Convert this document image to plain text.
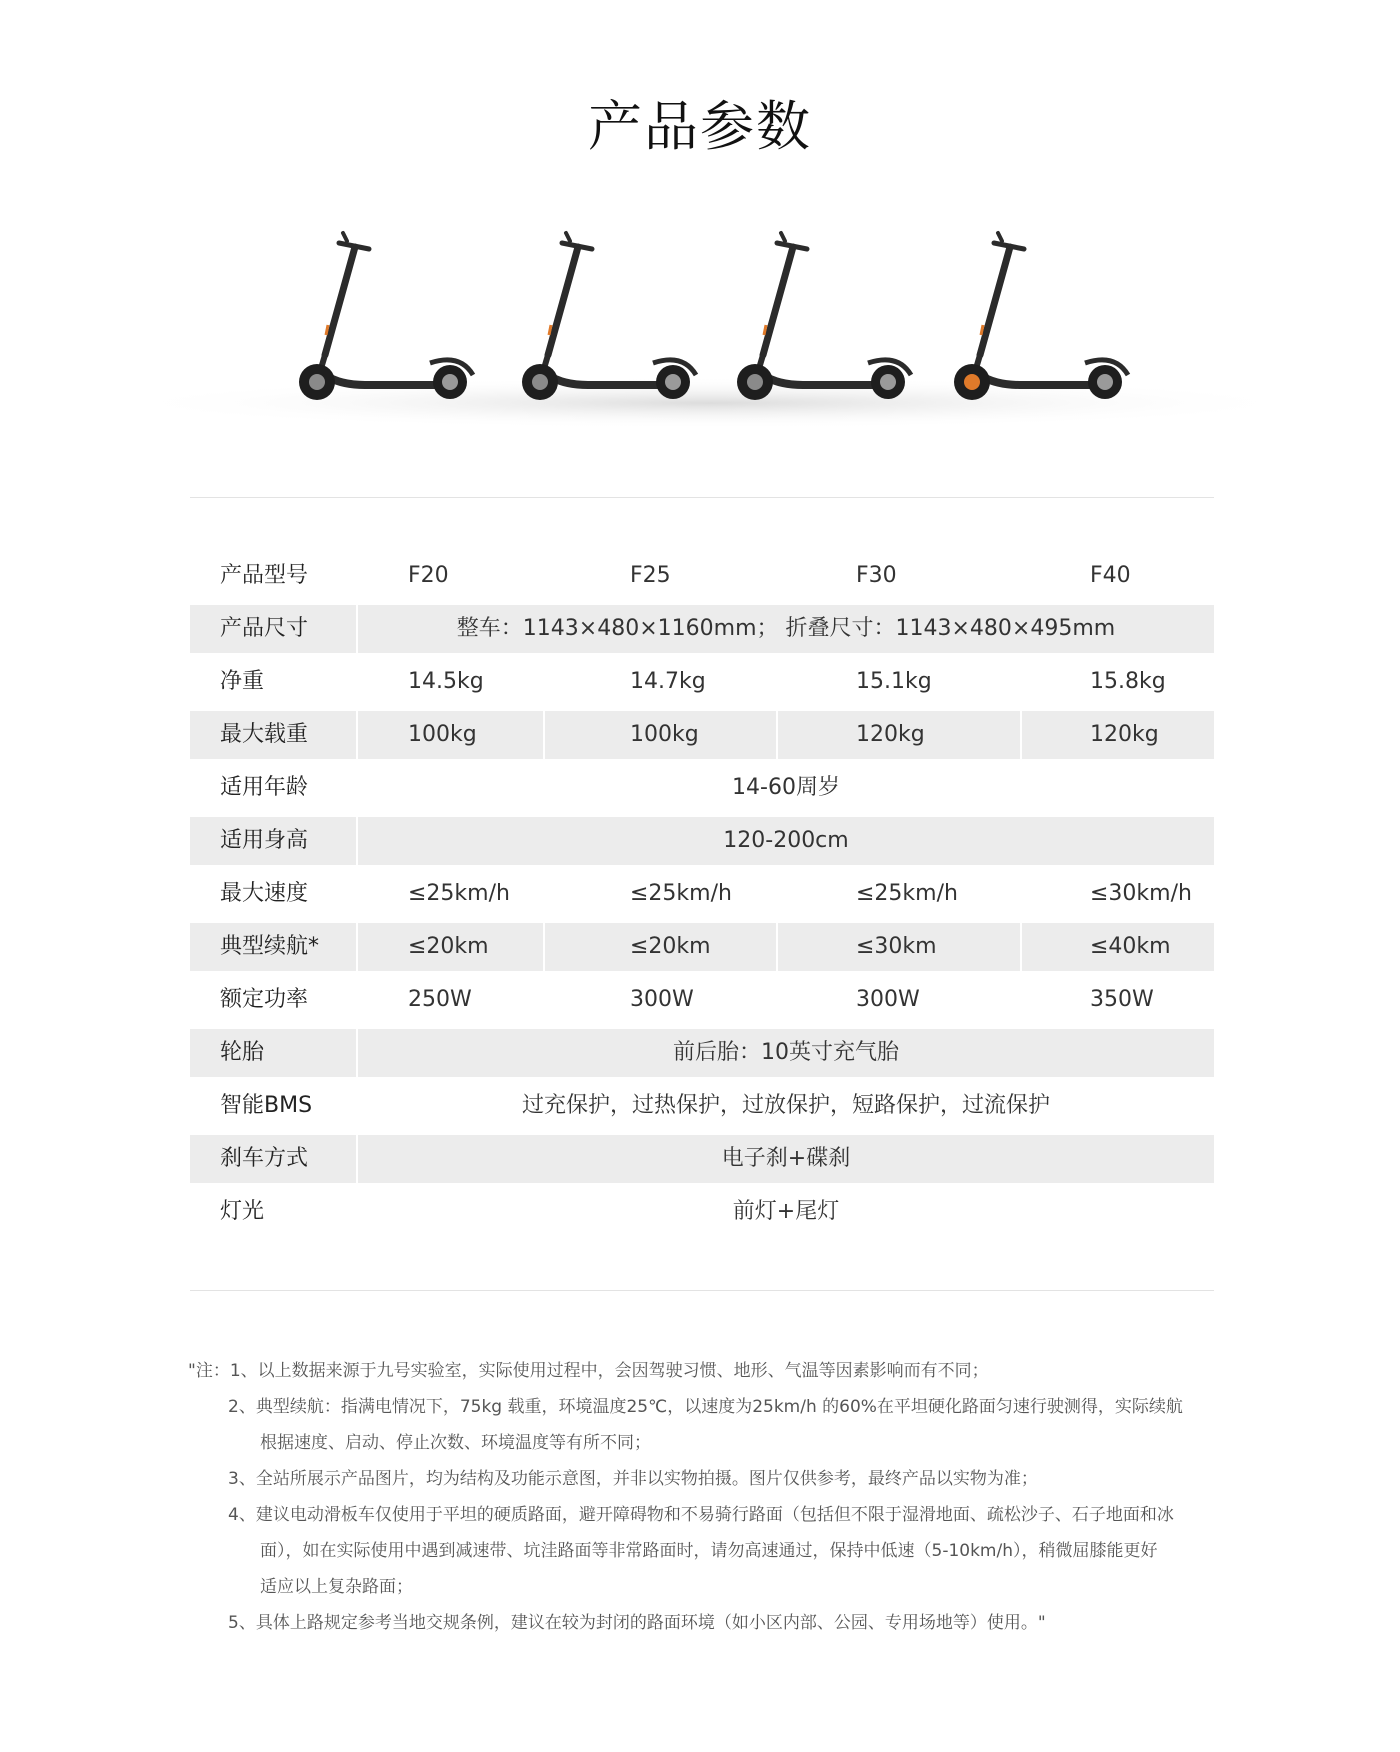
产品参数
产品型号	F20	F25	F30	F40
产品尺寸	整车：1143×480×1160mm； 折叠尺寸：1143×480×495mm
净重	14.5kg	14.7kg	15.1kg	15.8kg
最大载重	100kg	100kg	120kg	120kg
适用年龄	14-60周岁
适用身高	120-200cm
最大速度	≤25km/h	≤25km/h	≤25km/h	≤30km/h
典型续航*	≤20km	≤20km	≤30km	≤40km
额定功率	250W	300W	300W	350W
轮胎	前后胎：10英寸充气胎
智能BMS	过充保护，过热保护，过放保护，短路保护，过流保护
刹车方式	电子刹+碟刹
灯光	前灯+尾灯
"注：1、以上数据来源于九号实验室，实际使用过程中，会因驾驶习惯、地形、气温等因素影响而有不同；
2、典型续航：指满电情况下，75kg 载重，环境温度25℃，以速度为25km/h 的60%在平坦硬化路面匀速行驶测得，实际续航
根据速度、启动、停止次数、环境温度等有所不同；
3、全站所展示产品图片，均为结构及功能示意图，并非以实物拍摄。图片仅供参考，最终产品以实物为准；
4、建议电动滑板车仅使用于平坦的硬质路面，避开障碍物和不易骑行路面（包括但不限于湿滑地面、疏松沙子、石子地面和冰
面），如在实际使用中遇到减速带、坑洼路面等非常路面时，请勿高速通过，保持中低速（5-10km/h），稍微屈膝能更好
适应以上复杂路面；
5、具体上路规定参考当地交规条例，建议在较为封闭的路面环境（如小区内部、公园、专用场地等）使用。"
